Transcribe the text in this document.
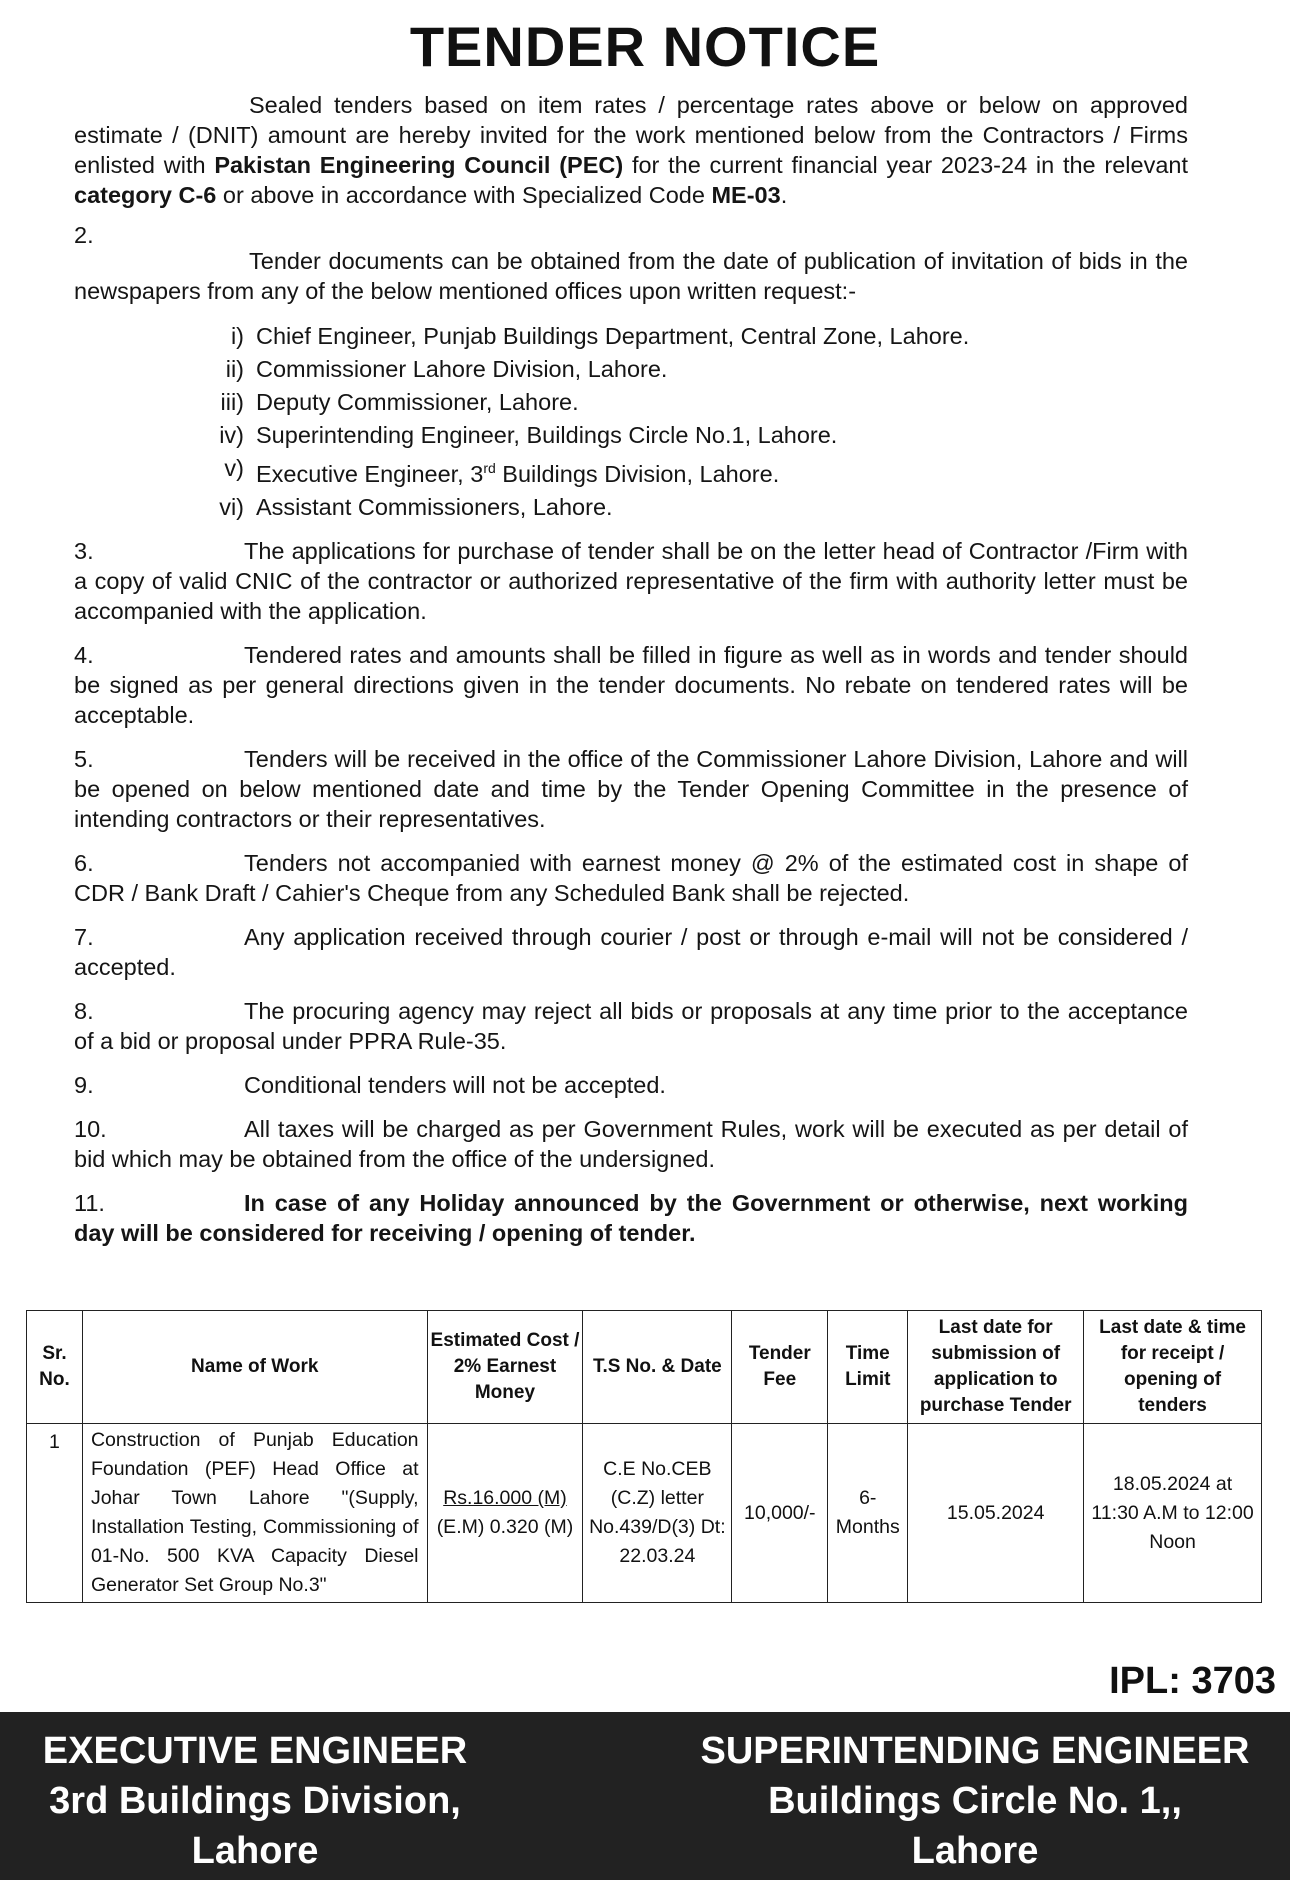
TENDER NOTICE

Sealed tenders based on item rates / percentage rates above or below on approved estimate / (DNIT) amount are hereby invited for the work mentioned below from the Contractors / Firms enlisted with Pakistan Engineering Council (PEC) for the current financial year 2023-24 in the relevant category C-6 or above in accordance with Specialized Code ME-03.

2.
Tender documents can be obtained from the date of publication of invitation of bids in the newspapers from any of the below mentioned offices upon written request:-

i) Chief Engineer, Punjab Buildings Department, Central Zone, Lahore.
ii) Commissioner Lahore Division, Lahore.
iii) Deputy Commissioner, Lahore.
iv) Superintending Engineer, Buildings Circle No.1, Lahore.
v) Executive Engineer, 3rd Buildings Division, Lahore.
vi) Assistant Commissioners, Lahore.

3.	The applications for purchase of tender shall be on the letter head of Contractor /Firm with a copy of valid CNIC of the contractor or authorized representative of the firm with authority letter must be accompanied with the application.

4.	Tendered rates and amounts shall be filled in figure as well as in words and tender should be signed as per general directions given in the tender documents. No rebate on tendered rates will be acceptable.

5.	Tenders will be received in the office of the Commissioner Lahore Division, Lahore and will be opened on below mentioned date and time by the Tender Opening Committee in the presence of intending contractors or their representatives.

6.	Tenders not accompanied with earnest money @ 2% of the estimated cost in shape of CDR / Bank Draft / Cahier's Cheque from any Scheduled Bank shall be rejected.

7.	Any application received through courier / post or through e-mail will not be considered / accepted.

8.	The procuring agency may reject all bids or proposals at any time prior to the acceptance of a bid or proposal under PPRA Rule-35.

9.	Conditional tenders will not be accepted.

10.	All taxes will be charged as per Government Rules, work will be executed as per detail of bid which may be obtained from the office of the undersigned.

11.	In case of any Holiday announced by the Government or otherwise, next working day will be considered for receiving / opening of tender.

Sr. No.	Name of Work	Estimated Cost / 2% Earnest Money	T.S No. & Date	Tender Fee	Time Limit	Last date for submission of application to purchase Tender	Last date & time for receipt / opening of tenders
1	Construction of Punjab Education Foundation (PEF) Head Office at Johar Town Lahore "(Supply, Installation Testing, Commissioning of 01-No. 500 KVA Capacity Diesel Generator Set Group No.3"	Rs.16.000 (M)
(E.M) 0.320 (M)	C.E No.CEB (C.Z) letter No.439/D(3) Dt: 22.03.24	10,000/-	6-Months	15.05.2024	18.05.2024 at 11:30 A.M to 12:00 Noon
IPL: 3703
EXECUTIVE ENGINEER
3rd Buildings Division,
Lahore
SUPERINTENDING ENGINEER
Buildings Circle No. 1,,
Lahore
